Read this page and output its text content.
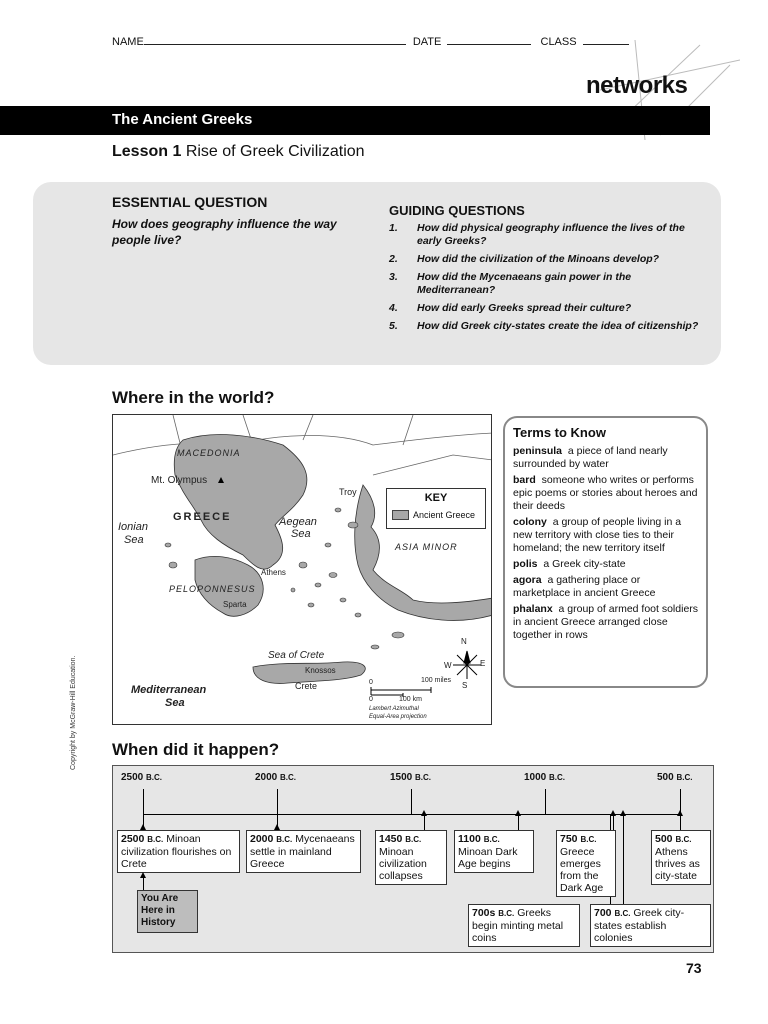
NAME	DATE	CLASS
networks
The Ancient Greeks
Lesson 1 Rise of Greek Civilization
ESSENTIAL QUESTION
How does geography influence the way people live?
GUIDING QUESTIONS
1. How did physical geography influence the lives of the early Greeks?
2. How did the civilization of the Minoans develop?
3. How did the Mycenaeans gain power in the Mediterranean?
4. How did early Greeks spread their culture?
5. How did Greek city-states create the idea of citizenship?
Where in the world?
MACEDONIA
Mt. Olympus
GREECE
Troy
Aegean
Sea
Ionian
Sea
ASIA MINOR
Athens
PELOPONNESUS
Sparta
Sea of Crete
Knossos
Crete
Mediterranean
Sea
N
S
E
W
0	100 miles
0	100 km
Lambert Azimuthal
Equal-Area projection
KEY
Ancient Greece
Terms to Know
peninsula a piece of land nearly surrounded by water
bard someone who writes or performs epic poems or stories about heroes and their deeds
colony a group of people living in a new territory with close ties to their homeland; the new territory itself
polis a Greek city-state
agora a gathering place or marketplace in ancient Greece
phalanx a group of armed foot soldiers in ancient Greece arranged close together in rows
Copyright by McGraw-Hill Education. When did it happen?
2500 B.C.	2000 B.C.	1500 B.C.	1000 B.C.	500 B.C.
2500 B.C. Minoan civilization flourishes on Crete
2000 B.C. Mycenaeans settle in mainland Greece
1450 B.C. Minoan civilization collapses
1100 B.C. Minoan Dark Age begins
750 B.C. Greece emerges from the Dark Age
500 B.C. Athens thrives as city-state
700s B.C. Greeks begin minting metal coins
700 B.C. Greek city-states establish colonies
You Are Here in History
73
